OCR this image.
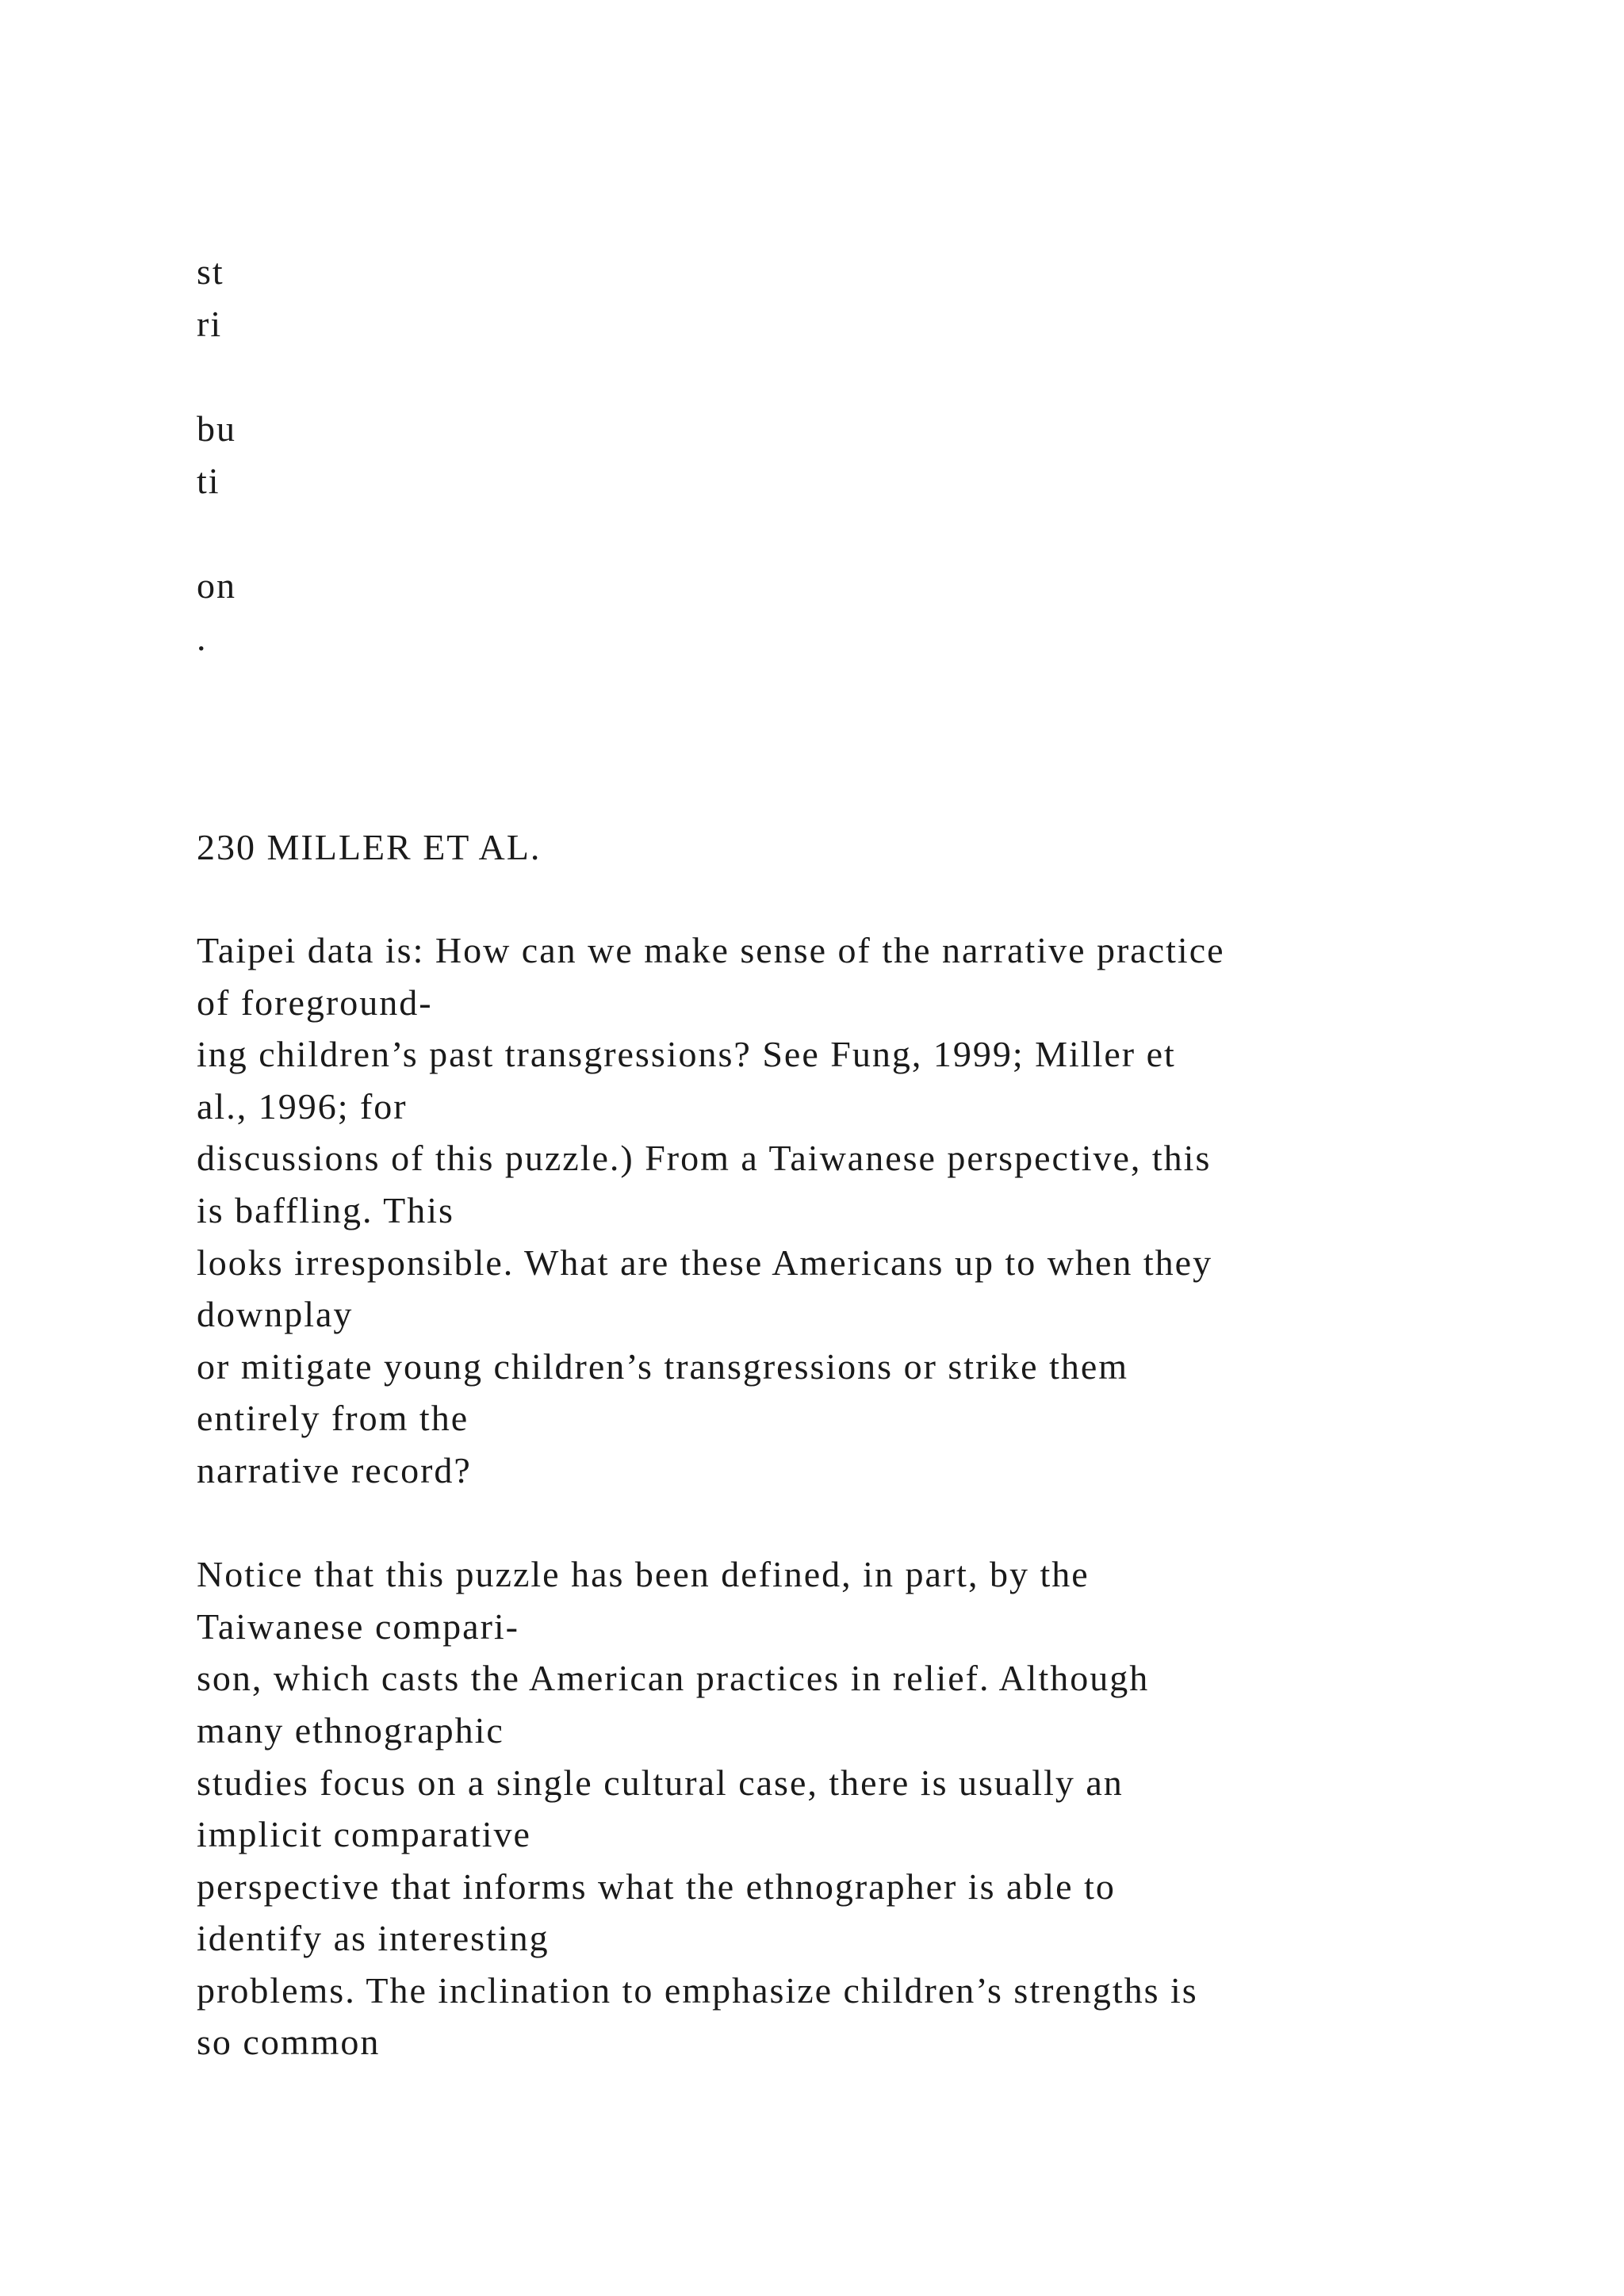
st
ri
bu
ti
on
.
230 MILLER ET AL.
Taipei data is: How can we make sense of the narrative practice
of foreground-
ing children’s past transgressions? See Fung, 1999; Miller et
al., 1996; for
discussions of this puzzle.) From a Taiwanese perspective, this
is baffling. This
looks irresponsible. What are these Americans up to when they
downplay
or mitigate young children’s transgressions or strike them
entirely from the
narrative record?
Notice that this puzzle has been defined, in part, by the
Taiwanese compari-
son, which casts the American practices in relief. Although
many ethnographic
studies focus on a single cultural case, there is usually an
implicit comparative
perspective that informs what the ethnographer is able to
identify as interesting
problems. The inclination to emphasize children’s strengths is
so common
